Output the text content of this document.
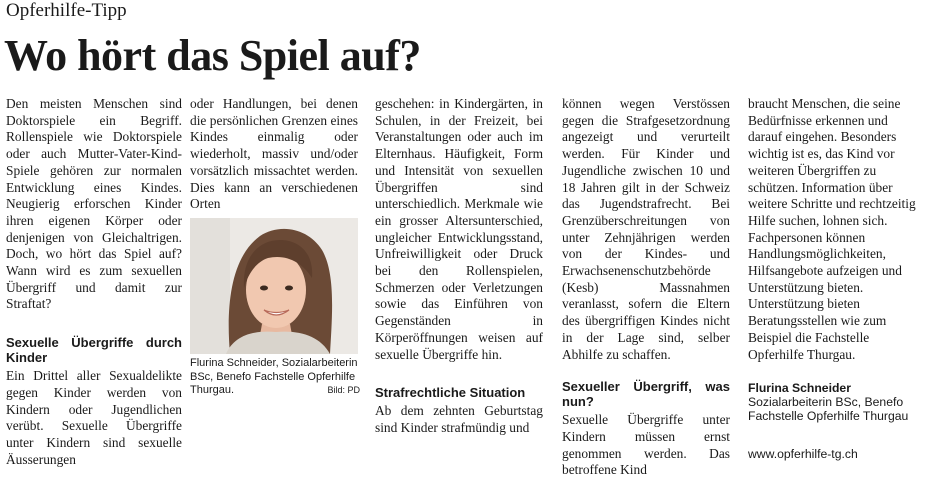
Opferhilfe-Tipp
Wo hört das Spiel auf?

Den meisten Menschen sind Doktorspiele ein Begriff. Rollenspiele wie Doktorspiele oder auch Mutter-Vater-Kind-Spiele gehören zur normalen Entwicklung eines Kindes. Neugierig erforschen Kinder ihren eigenen Körper oder denjenigen von Gleichaltrigen. Doch, wo hört das Spiel auf? Wann wird es zum sexuellen Übergriff und damit zur Straftat?

Sexuelle Übergriffe durch Kinder

Ein Drittel aller Sexualdelikte gegen Kinder werden von Kindern oder Jugendlichen verübt. Sexuelle Übergriffe unter Kindern sind sexuelle Äusserungen

oder Handlungen, bei denen die persönlichen Grenzen eines Kindes einmalig oder wiederholt, massiv und/oder vorsätzlich missachtet werden. Dies kann an verschiedenen Orten

Flurina Schneider, Sozialarbeiterin BSc, Benefo Fachstelle Opferhilfe Thurgau.	Bild: PD

geschehen: in Kindergärten, in Schulen, in der Freizeit, bei Veranstaltungen oder auch im Elternhaus. Häufigkeit, Form und Intensität von sexuellen Übergriffen sind unterschiedlich. Merkmale wie ein grosser Altersunterschied, ungleicher Entwicklungsstand, Unfreiwilligkeit oder Druck bei den Rollenspielen, Schmerzen oder Verletzungen sowie das Einführen von Gegenständen in Körperöffnungen weisen auf sexuelle Übergriffe hin.

Strafrechtliche Situation

Ab dem zehnten Geburtstag sind Kinder strafmündig und

können wegen Verstössen gegen die Strafgesetzordnung angezeigt und verurteilt werden. Für Kinder und Jugendliche zwischen 10 und 18 Jahren gilt in der Schweiz das Jugendstrafrecht. Bei Grenzüberschreitungen von unter Zehnjährigen werden von der Kindes- und Erwachsenenschutzbehörde (Kesb) Massnahmen veranlasst, sofern die Eltern des übergriffigen Kindes nicht in der Lage sind, selber Abhilfe zu schaffen.

Sexueller Übergriff, was nun?

Sexuelle Übergriffe unter Kindern müssen ernst genommen werden. Das betroffene Kind

braucht Menschen, die seine Bedürfnisse erkennen und darauf eingehen. Besonders wichtig ist es, das Kind vor weiteren Übergriffen zu schützen. Information über weitere Schritte und rechtzeitig Hilfe suchen, lohnen sich. Fachpersonen können Handlungsmöglichkeiten, Hilfsangebote aufzeigen und Unterstützung bieten. Unterstützung bieten Beratungsstellen wie zum Beispiel die Fachstelle Opferhilfe Thurgau.

Flurina Schneider

Sozialarbeiterin BSc, Benefo

Fachstelle Opferhilfe Thurgau

www.opferhilfe-tg.ch
